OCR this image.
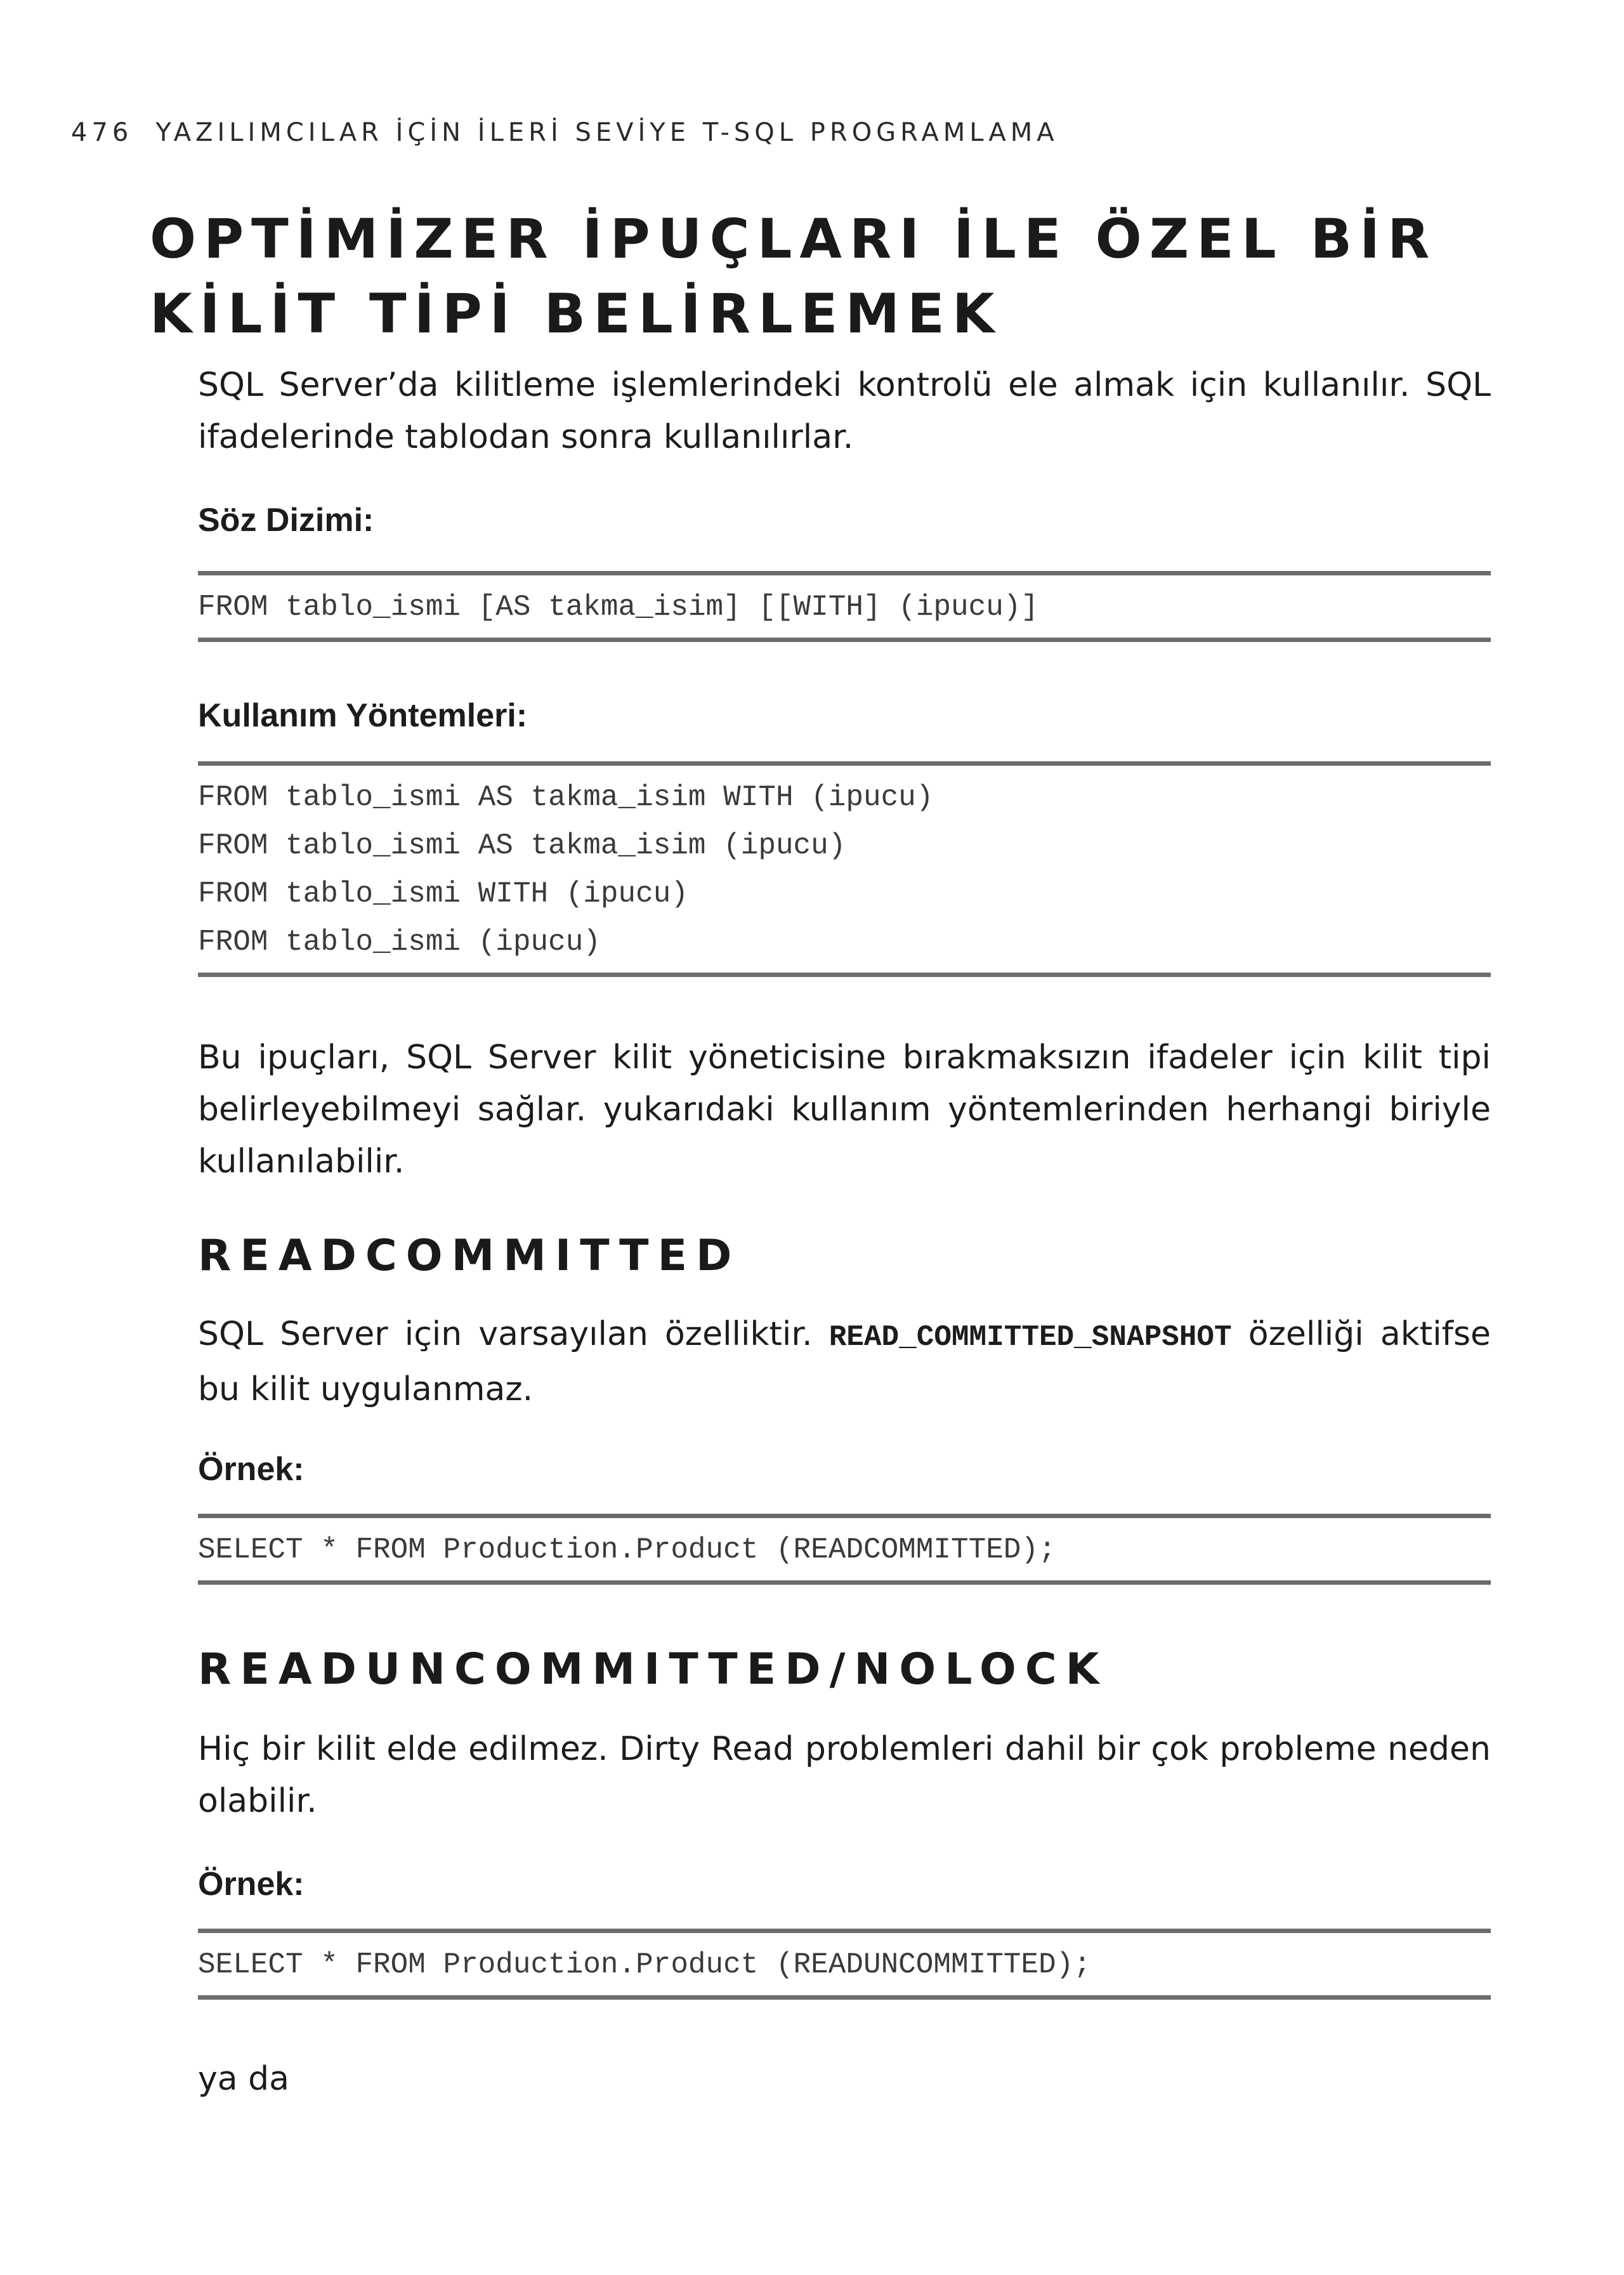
476 YAZILIMCILAR İÇİN İLERİ SEVİYE T-SQL PROGRAMLAMA
OPTİMİZER İPUÇLARI İLE ÖZEL BİR
KİLİT TİPİ BELİRLEMEK

SQL Server’da kilitleme işlemlerindeki kontrolü ele almak için kullanılır. SQL ifadelerinde tablodan sonra kullanılırlar.

Söz Dizimi:

FROM tablo_ismi [AS takma_isim] [[WITH] (ipucu)]

Kullanım Yöntemleri:

FROM tablo_ismi AS takma_isim WITH (ipucu)
FROM tablo_ismi AS takma_isim (ipucu)
FROM tablo_ismi WITH (ipucu)
FROM tablo_ismi (ipucu)

Bu ipuçları, SQL Server kilit yöneticisine bırakmaksızın ifadeler için kilit tipi belirleyebilmeyi sağlar. yukarıdaki kullanım yöntemlerinden herhangi biriyle kullanılabilir.

READCOMMITTED

SQL Server için varsayılan özelliktir. READ_COMMITTED_SNAPSHOT özelliği aktifse bu kilit uygulanmaz.

Örnek:

SELECT * FROM Production.Product (READCOMMITTED);
READUNCOMMITTED/NOLOCK

Hiç bir kilit elde edilmez. Dirty Read problemleri dahil bir çok probleme neden olabilir.

Örnek:

SELECT * FROM Production.Product (READUNCOMMITTED);

ya da
